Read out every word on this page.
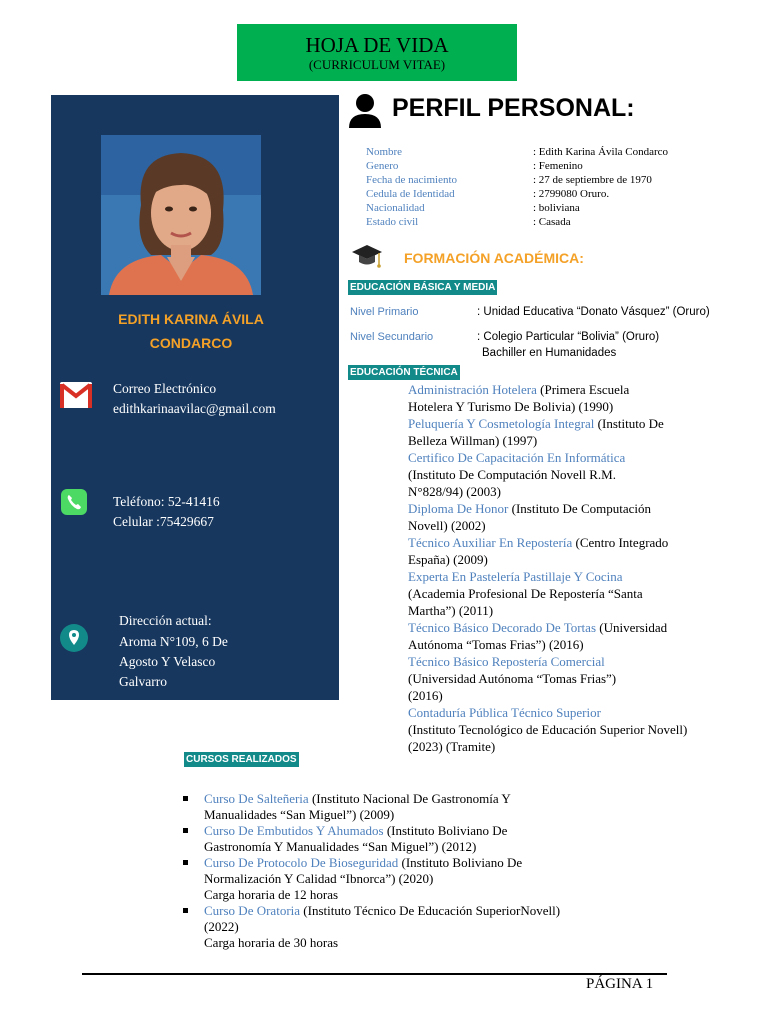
HOJA DE VIDA
(CURRICULUM VITAE)
EDITH KARINA ÁVILA
CONDARCO
Correo Electrónico
edithkarinaavilac@gmail.com
Teléfono: 52-41416
Celular :75429667
Dirección actual:
Aroma N°109, 6 De
Agosto Y Velasco
Galvarro
PERFIL PERSONAL:
Nombre	: Edith Karina Ávila Condarco
Genero	: Femenino
Fecha de nacimiento	: 27 de septiembre de 1970
Cedula de Identidad	: 2799080 Oruro.
Nacionalidad	: boliviana
Estado civil	: Casada
FORMACIÓN ACADÉMICA:
EDUCACIÓN BÁSICA Y MEDIA
Nivel Primario	: Unidad Educativa “Donato Vásquez” (Oruro)
Nivel Secundario	: Colegio Particular “Bolivia” (Oruro)
Bachiller en Humanidades
EDUCACIÓN TÉCNICA
Administración Hotelera (Primera Escuela
Hotelera Y Turismo De Bolivia) (1990)
Peluquería Y Cosmetología Integral (Instituto De
Belleza Willman) (1997)
Certifico De Capacitación En Informática
(Instituto De Computación Novell R.M.
N°828/94) (2003)
Diploma De Honor (Instituto De Computación
Novell) (2002)
Técnico Auxiliar En Repostería (Centro Integrado
España) (2009)
Experta En Pastelería Pastillaje Y Cocina
(Academia Profesional De Repostería “Santa
Martha”) (2011)
Técnico Básico Decorado De Tortas (Universidad
Autónoma “Tomas Frias”) (2016)
Técnico Básico Repostería Comercial
(Universidad Autónoma “Tomas Frias”)
(2016)
Contaduría Pública Técnico Superior
(Instituto Tecnológico de Educación Superior Novell)
(2023) (Tramite)
CURSOS REALIZADOS
Curso De Salteñeria (Instituto Nacional De Gastronomía Y
Manualidades “San Miguel”) (2009)
Curso De Embutidos Y Ahumados (Instituto Boliviano De
Gastronomía Y Manualidades “San Miguel”) (2012)
Curso De Protocolo De Bioseguridad (Instituto Boliviano De
Normalización Y Calidad “Ibnorca”) (2020)
Carga horaria de 12 horas
Curso De Oratoria (Instituto Técnico De Educación SuperiorNovell)
(2022)
Carga horaria de 30 horas
PÁGINA 1
